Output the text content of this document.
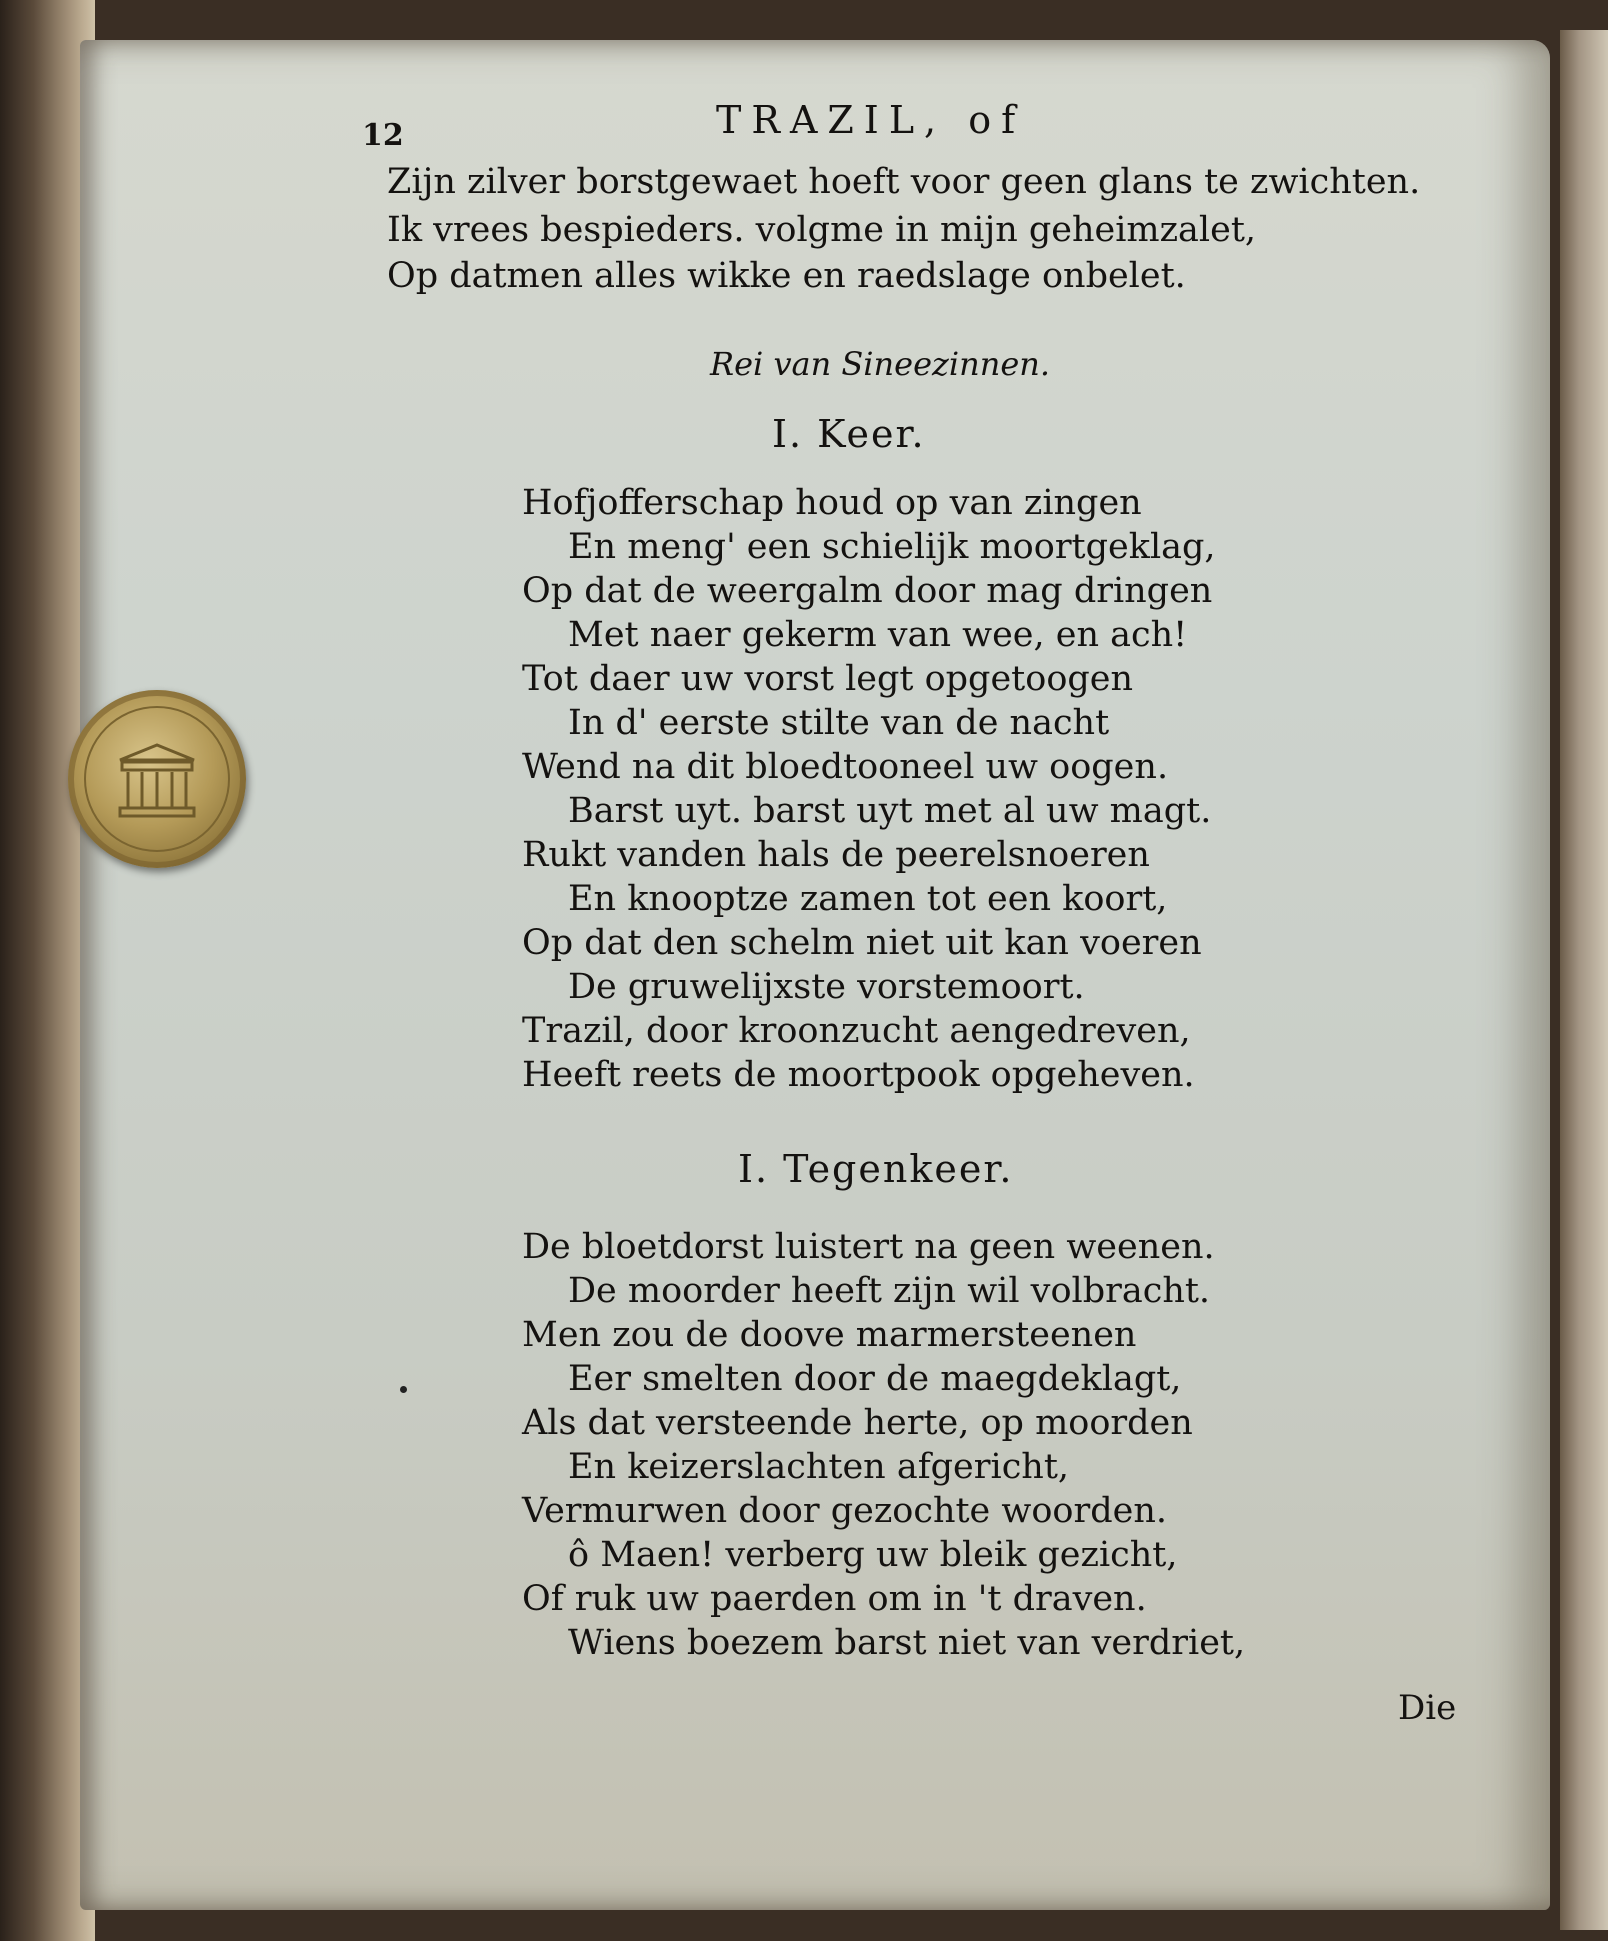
12	TRAZIL, of
Zijn zilver borstgewaet hoeft voor geen glans te zwichten.
Ik vrees bespieders. volgme in mijn geheimzalet,
Op datmen alles wikke en raedslage onbelet.
Rei van Sineezinnen.
I. Keer.
Hofjofferschap houd op van zingen
En meng' een schielijk moortgeklag,
Op dat de weergalm door mag dringen
Met naer gekerm van wee, en ach!
Tot daer uw vorst legt opgetoogen
In d' eerste stilte van de nacht
Wend na dit bloedtooneel uw oogen.
Barst uyt. barst uyt met al uw magt.
Rukt vanden hals de peerelsnoeren
En knooptze zamen tot een koort,
Op dat den schelm niet uit kan voeren
De gruwelijxste vorstemoort.
Trazil, door kroonzucht aengedreven,
Heeft reets de moortpook opgeheven.
I. Tegenkeer.
De bloetdorst luistert na geen weenen.
De moorder heeft zijn wil volbracht.
Men zou de doove marmersteenen
Eer smelten door de maegdeklagt,
Als dat versteende herte, op moorden
En keizerslachten afgericht,
Vermurwen door gezochte woorden.
ô Maen! verberg uw bleik gezicht,
Of ruk uw paerden om in 't draven.
Wiens boezem barst niet van verdriet,
Die
